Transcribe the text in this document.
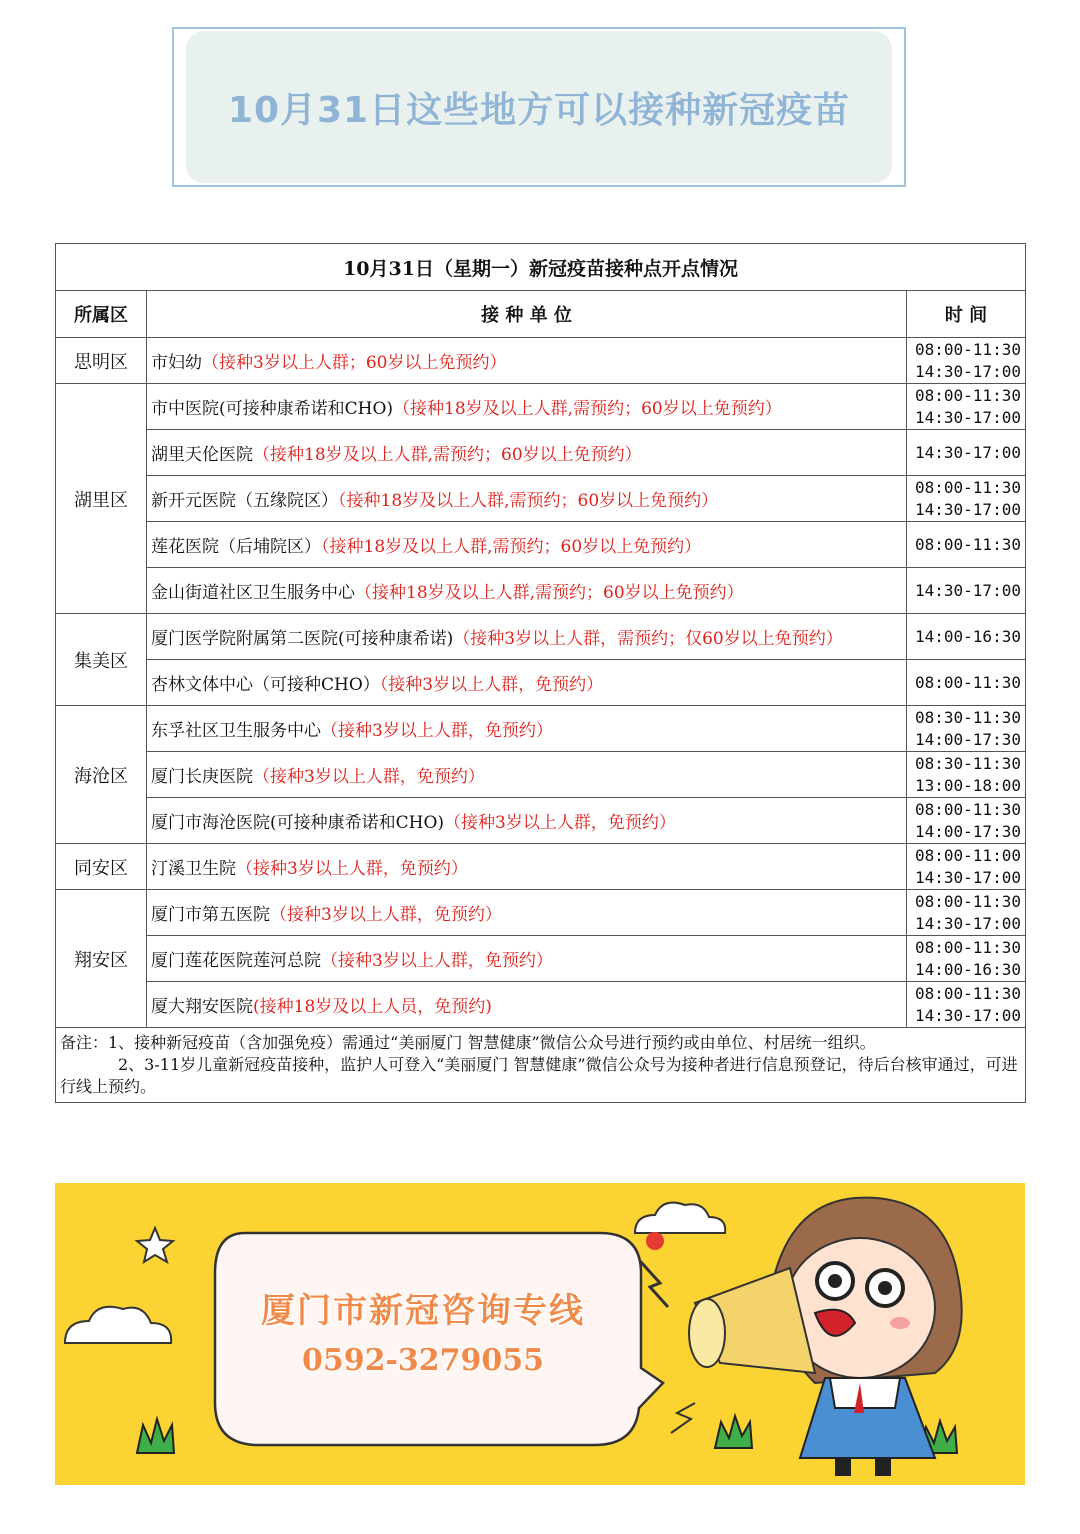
10月31日这些地方可以接种新冠疫苗
10月31日（星期一）新冠疫苗接种点开点情况		
所属区	接 种 单 位	时 间
思明区	市妇幼（接种3岁以上人群；60岁以上免预约）	08:00-11:30
14:30-17:00

湖里区	市中医院(可接种康希诺和CHO)（接种18岁及以上人群,需预约；60岁以上免预约）	08:00-11:30
14:30-17:00

	湖里天伦医院（接种18岁及以上人群,需预约；60岁以上免预约）	14:30-17:00

	新开元医院（五缘院区）（接种18岁及以上人群,需预约；60岁以上免预约）	08:00-11:30
14:30-17:00

	莲花医院（后埔院区）（接种18岁及以上人群,需预约；60岁以上免预约）	08:00-11:30

	金山街道社区卫生服务中心（接种18岁及以上人群,需预约；60岁以上免预约）	14:30-17:00

集美区	厦门医学院附属第二医院(可接种康希诺)（接种3岁以上人群，需预约；仅60岁以上免预约）	14:00-16:30

	杏林文体中心（可接种CHO）（接种3岁以上人群，免预约）	08:00-11:30

海沧区	东孚社区卫生服务中心（接种3岁以上人群，免预约）	08:30-11:30
14:00-17:30

	厦门长庚医院（接种3岁以上人群，免预约）	08:30-11:30
13:00-18:00

	厦门市海沧医院(可接种康希诺和CHO)（接种3岁以上人群，免预约）	08:00-11:30
14:00-17:30

同安区	汀溪卫生院（接种3岁以上人群，免预约）	08:00-11:00
14:30-17:00

翔安区	厦门市第五医院（接种3岁以上人群，免预约）	08:00-11:30
14:30-17:00

	厦门莲花医院莲河总院（接种3岁以上人群，免预约）	08:00-11:30
14:00-16:30

	厦大翔安医院(接种18岁及以上人员，免预约)	08:00-11:30
14:30-17:00

备注：1、接种新冠疫苗（含加强免疫）需通过“美丽厦门 智慧健康”微信公众号进行预约或由单位、村居统一组织。
2、3-11岁儿童新冠疫苗接种，监护人可登入“美丽厦门 智慧健康”微信公众号为接种者进行信息预登记，待后台核审通过，可进行线上预约。		
厦门市新冠咨询专线
0592-3279055
